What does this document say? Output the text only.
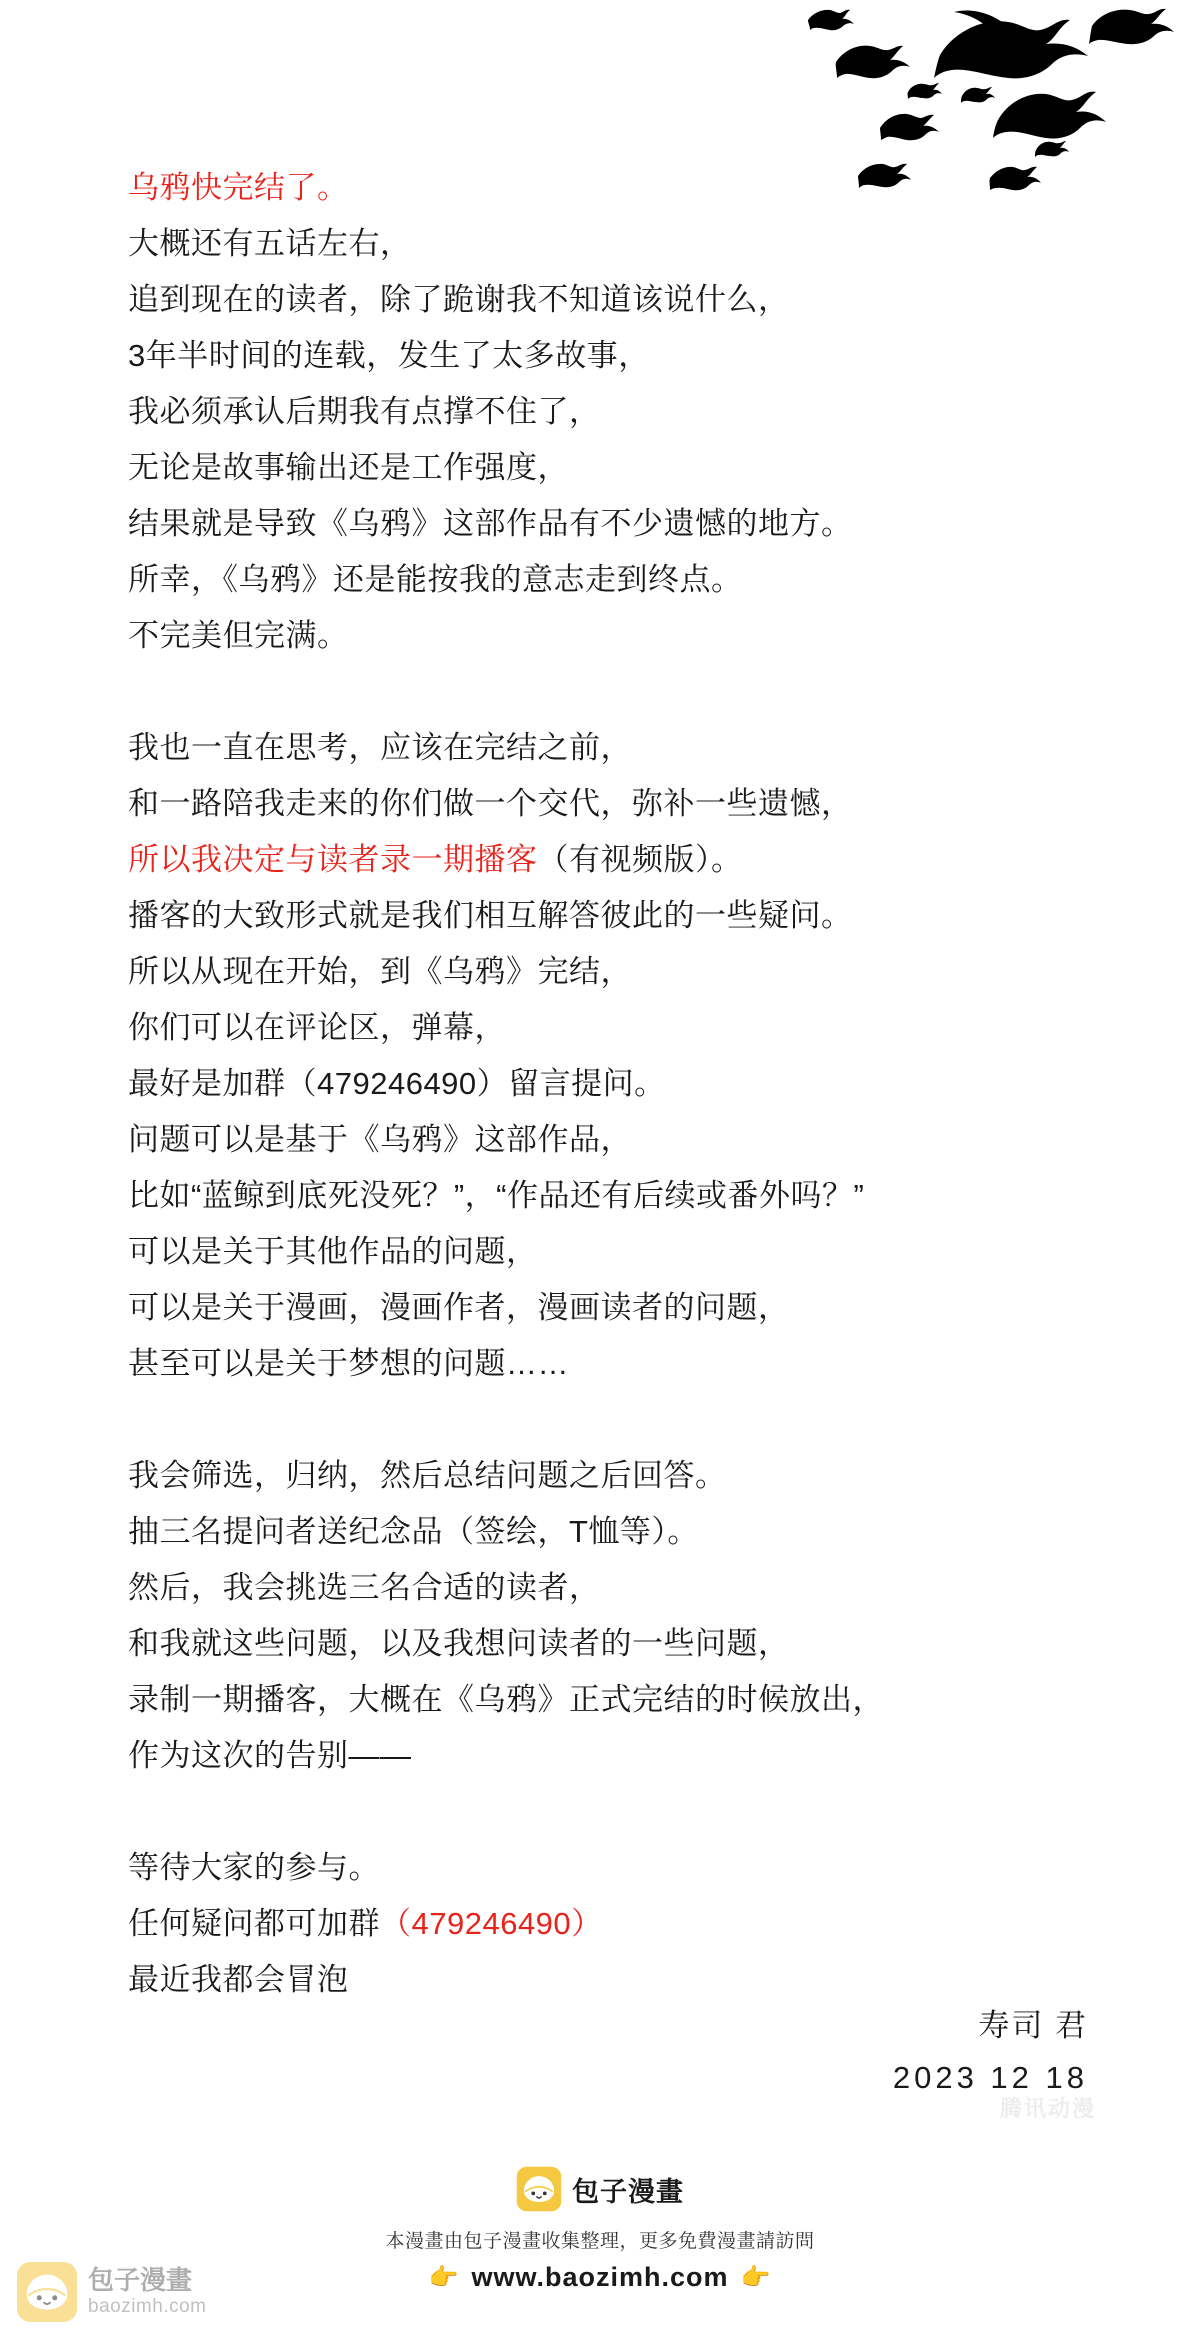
乌鸦快完结了。

大概还有五话左右，

追到现在的读者，除了跪谢我不知道该说什么，

3年半时间的连载，发生了太多故事，

我必须承认后期我有点撑不住了，

无论是故事输出还是工作强度，

结果就是导致《乌鸦》这部作品有不少遗憾的地方。

所幸，《乌鸦》还是能按我的意志走到终点。

不完美但完满。

我也一直在思考，应该在完结之前，

和一路陪我走来的你们做一个交代，弥补一些遗憾，

所以我决定与读者录一期播客（有视频版）。

播客的大致形式就是我们相互解答彼此的一些疑问。

所以从现在开始，到《乌鸦》完结，

你们可以在评论区，弹幕，

最好是加群（479246490）留言提问。

问题可以是基于《乌鸦》这部作品，

比如“蓝鲸到底死没死？”，“作品还有后续或番外吗？”

可以是关于其他作品的问题，

可以是关于漫画，漫画作者，漫画读者的问题，

甚至可以是关于梦想的问题……

我会筛选，归纳，然后总结问题之后回答。

抽三名提问者送纪念品（签绘，T恤等）。

然后，我会挑选三名合适的读者，

和我就这些问题，以及我想问读者的一些问题，

录制一期播客，大概在《乌鸦》正式完结的时候放出，

作为这次的告别——

等待大家的参与。

任何疑问都可加群（479246490）

最近我都会冒泡

寿司 君
2023 12 18
腾讯动漫
包子漫畫
本漫畫由包子漫畫收集整理，更多免費漫畫請訪問
👉 www.baozimh.com 👉
包子漫畫
baozimh.com
